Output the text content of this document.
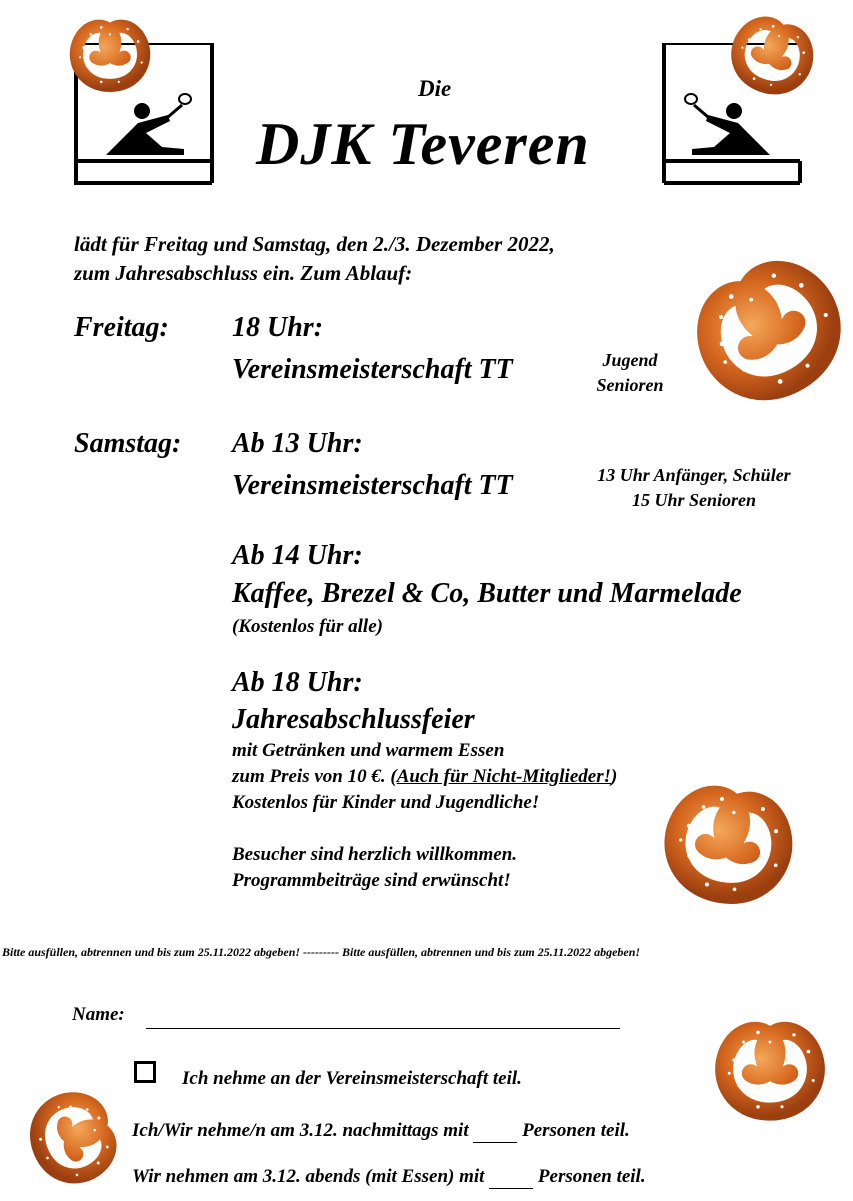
Die
DJK Teveren
lädt für Freitag und Samstag, den 2./3. Dezember 2022,
zum Jahresabschluss ein. Zum Ablauf:
Freitag: 18 Uhr:
Vereinsmeisterschaft TT	Jugend
Senioren
Samstag: Ab 13 Uhr:
Vereinsmeisterschaft TT	13 Uhr Anfänger, Schüler
15 Uhr Senioren
Ab 14 Uhr:
Kaffee, Brezel & Co, Butter und Marmelade
(Kostenlos für alle)
Ab 18 Uhr:
Jahresabschlussfeier
mit Getränken und warmem Essen
zum Preis von 10 €. (Auch für Nicht-Mitglieder!)
Kostenlos für Kinder und Jugendliche!
Besucher sind herzlich willkommen.
Programmbeiträge sind erwünscht!
Bitte ausfüllen, abtrennen und bis zum 25.11.2022 abgeben! --------- Bitte ausfüllen, abtrennen und bis zum 25.11.2022 abgeben!
Name:
Ich nehme an der Vereinsmeisterschaft teil.
Ich/Wir nehme/n am 3.12. nachmittags mit	Personen teil.
Wir nehmen am 3.12. abends (mit Essen) mit	Personen teil.
